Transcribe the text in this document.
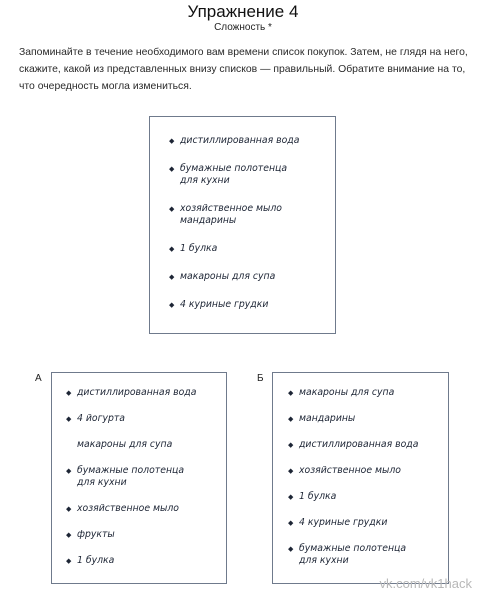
Упражнение 4
Сложность *

Запоминайте в течение необходимого вам времени список покупок. Затем, не глядя на него, скажите, какой из представленных внизу списков — правильный. Обратите внимание на то, что очередность могла измениться.

◆ дистиллированная вода
◆ бумажные полотенца
для кухни
◆ хозяйственное мыло
мандарины
◆ 1 булка
◆ макароны для супа
◆ 4 куриные грудки
А
◆ дистиллированная вода
◆ 4 йогурта
макароны для супа
◆ бумажные полотенца
для кухни
◆ хозяйственное мыло
◆ фрукты
◆ 1 булка
Б
◆ макароны для супа
◆ мандарины
◆ дистиллированная вода
◆ хозяйственное мыло
◆ 1 булка
◆ 4 куриные грудки
◆ бумажные полотенца
для кухни
vk.com/vk1hack
